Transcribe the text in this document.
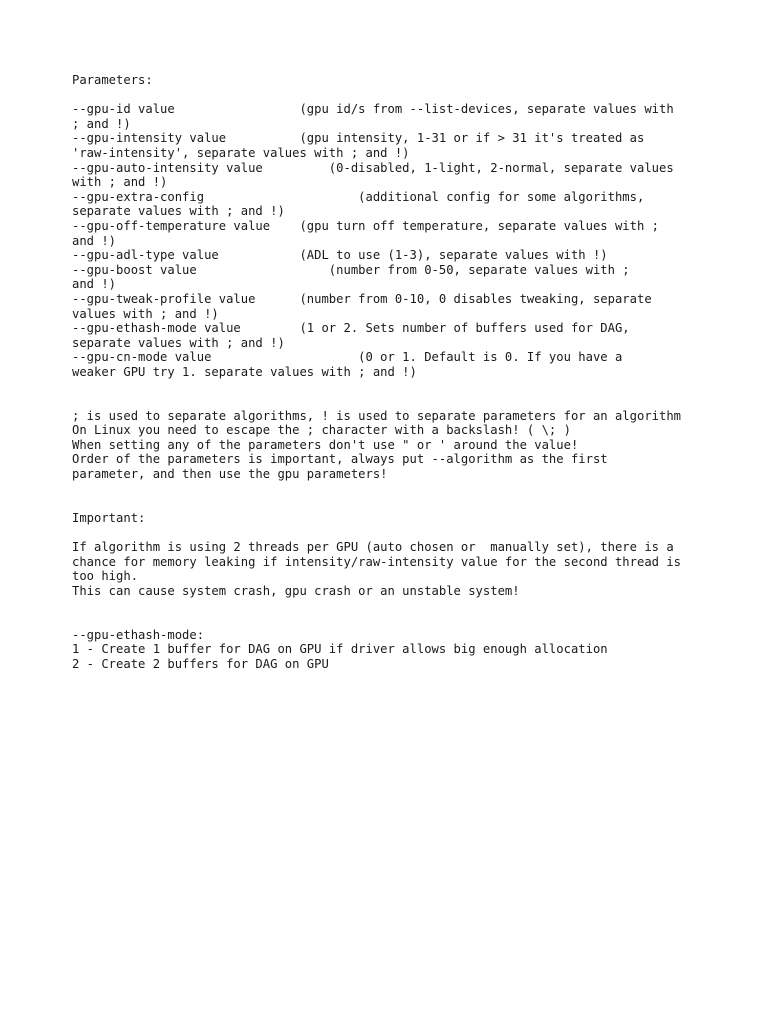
Parameters:
--gpu-id value                 (gpu id/s from --list-devices, separate values with
; and !)
--gpu-intensity value          (gpu intensity, 1-31 or if > 31 it's treated as
'raw-intensity', separate values with ; and !)
--gpu-auto-intensity value         (0-disabled, 1-light, 2-normal, separate values
with ; and !)
--gpu-extra-config                     (additional config for some algorithms,
separate values with ; and !)
--gpu-off-temperature value    (gpu turn off temperature, separate values with ;
and !)
--gpu-adl-type value           (ADL to use (1-3), separate values with !)
--gpu-boost value                  (number from 0-50, separate values with ;
and !)
--gpu-tweak-profile value      (number from 0-10, 0 disables tweaking, separate
values with ; and !)
--gpu-ethash-mode value        (1 or 2. Sets number of buffers used for DAG,
separate values with ; and !)
--gpu-cn-mode value                    (0 or 1. Default is 0. If you have a
weaker GPU try 1. separate values with ; and !)
; is used to separate algorithms, ! is used to separate parameters for an algorithm
On Linux you need to escape the ; character with a backslash! ( \; )
When setting any of the parameters don't use " or ' around the value!
Order of the parameters is important, always put --algorithm as the first
parameter, and then use the gpu parameters!
Important:
If algorithm is using 2 threads per GPU (auto chosen or  manually set), there is a
chance for memory leaking if intensity/raw-intensity value for the second thread is
too high.
This can cause system crash, gpu crash or an unstable system!
--gpu-ethash-mode:
1 - Create 1 buffer for DAG on GPU if driver allows big enough allocation
2 - Create 2 buffers for DAG on GPU
